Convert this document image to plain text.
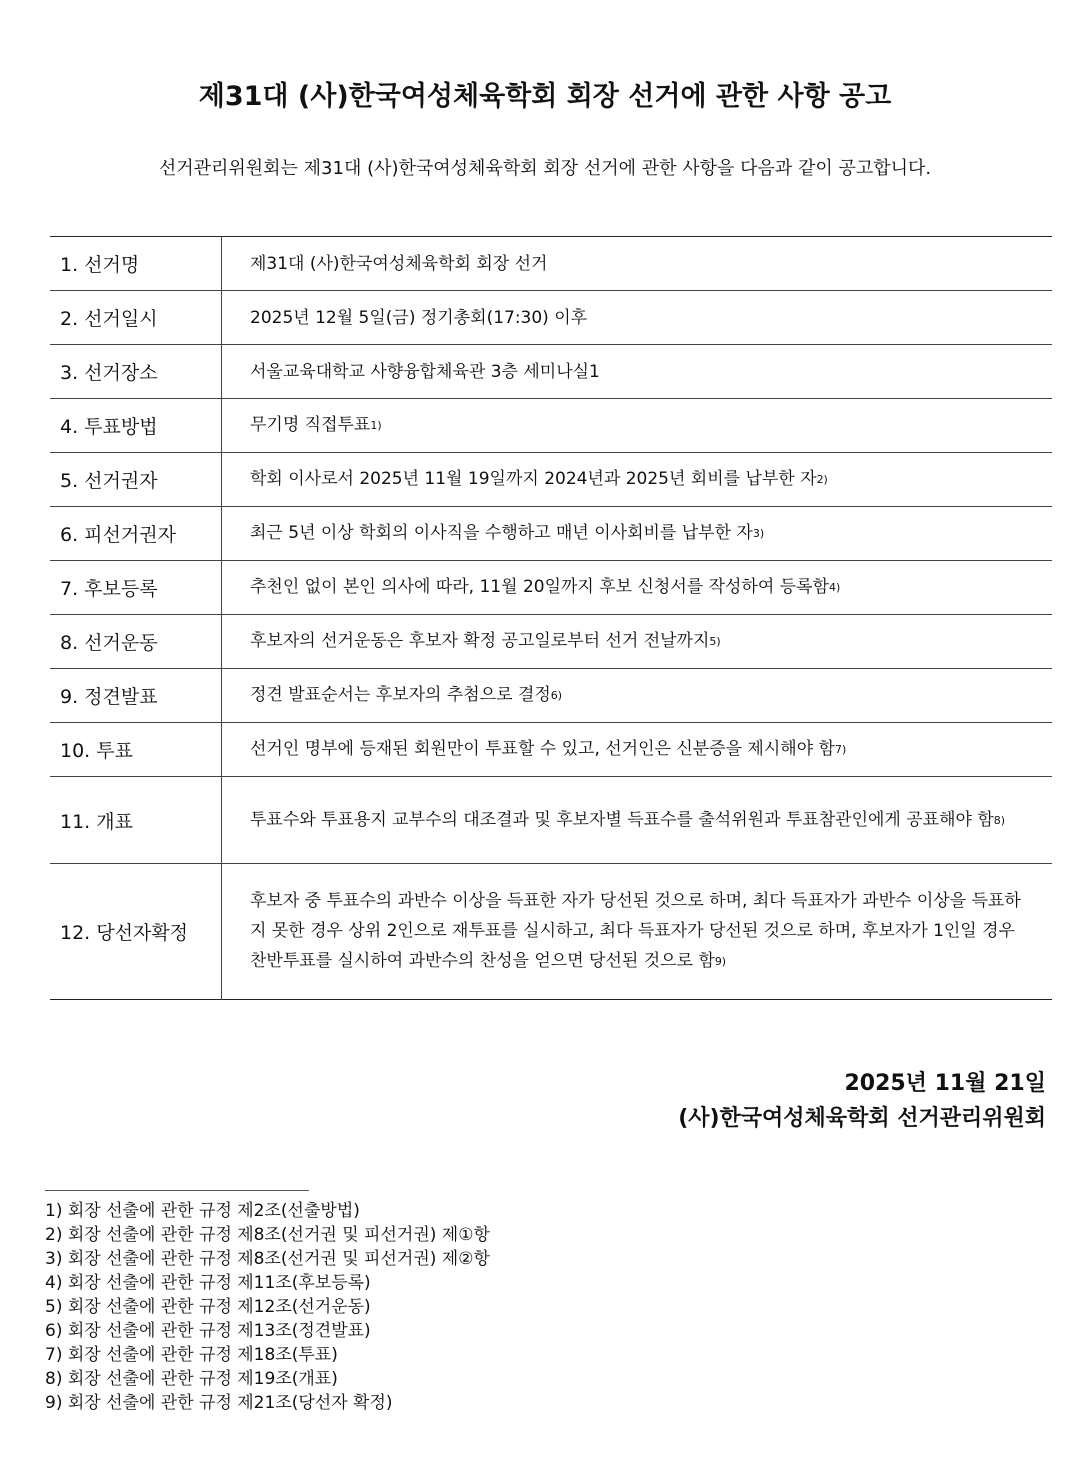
제31대 (사)한국여성체육학회 회장 선거에 관한 사항 공고
선거관리위원회는 제31대 (사)한국여성체육학회 회장 선거에 관한 사항을 다음과 같이 공고합니다.
1. 선거명	제31대 (사)한국여성체육학회 회장 선거
2. 선거일시	2025년 12월 5일(금) 정기총회(17:30) 이후
3. 선거장소	서울교육대학교 사향융합체육관 3층 세미나실1
4. 투표방법	무기명 직접투표1)
5. 선거권자	학회 이사로서 2025년 11월 19일까지 2024년과 2025년 회비를 납부한 자2)
6. 피선거권자	최근 5년 이상 학회의 이사직을 수행하고 매년 이사회비를 납부한 자3)
7. 후보등록	추천인 없이 본인 의사에 따라, 11월 20일까지 후보 신청서를 작성하여 등록함4)
8. 선거운동	후보자의 선거운동은 후보자 확정 공고일로부터 선거 전날까지5)
9. 정견발표	정견 발표순서는 후보자의 추첨으로 결정6)
10. 투표	선거인 명부에 등재된 회원만이 투표할 수 있고, 선거인은 신분증을 제시해야 함7)
11. 개표	투표수와 투표용지 교부수의 대조결과 및 후보자별 득표수를 출석위원과 투표참관인에게 공표해야 함8)
12. 당선자확정	후보자 중 투표수의 과반수 이상을 득표한 자가 당선된 것으로 하며, 최다 득표자가 과반수 이상을 득표하지 못한 경우 상위 2인으로 재투표를 실시하고, 최다 득표자가 당선된 것으로 하며, 후보자가 1인일 경우 찬반투표를 실시하여 과반수의 찬성을 얻으면 당선된 것으로 함9)
2025년 11월 21일
(사)한국여성체육학회 선거관리위원회
1) 회장 선출에 관한 규정 제2조(선출방법)
2) 회장 선출에 관한 규정 제8조(선거권 및 피선거권) 제①항
3) 회장 선출에 관한 규정 제8조(선거권 및 피선거권) 제②항
4) 회장 선출에 관한 규정 제11조(후보등록)
5) 회장 선출에 관한 규정 제12조(선거운동)
6) 회장 선출에 관한 규정 제13조(정견발표)
7) 회장 선출에 관한 규정 제18조(투표)
8) 회장 선출에 관한 규정 제19조(개표)
9) 회장 선출에 관한 규정 제21조(당선자 확정)
